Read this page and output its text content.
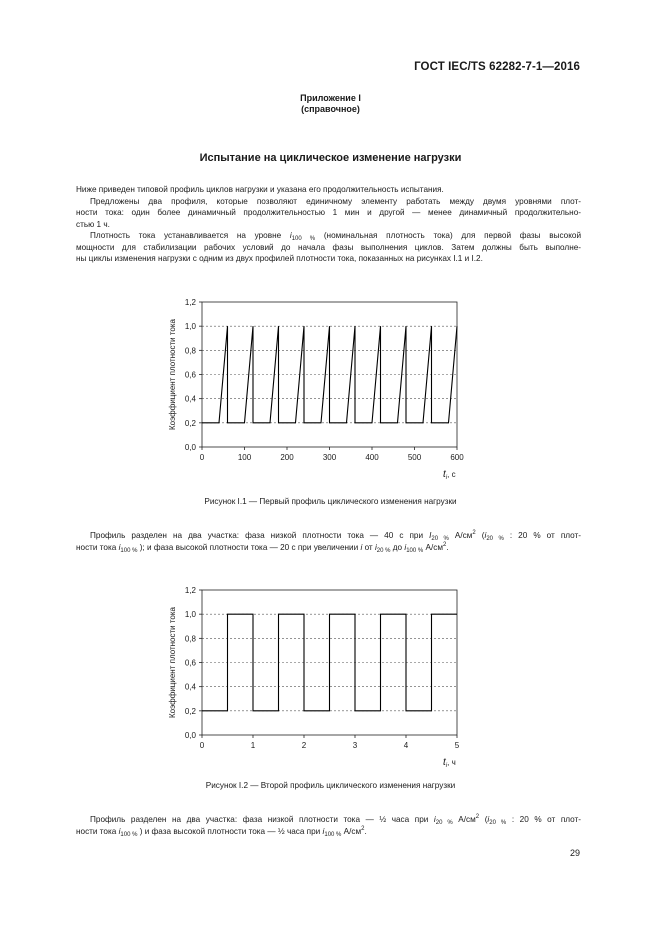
ГОСТ IEC/TS 62282-7-1—2016
Приложение I
(справочное)
Испытание на циклическое изменение нагрузки
Ниже приведен типовой профиль циклов нагрузки и указана его продолжительность испытания.
Предложены два профиля, которые позволяют единичному элементу работать между двумя уровнями плот-
ности тока: один более динамичный продолжительностью 1 мин и другой — менее динамичный продолжительно-
стью 1 ч.
Плотность тока устанавливается на уровне $i_{100 \%}$ (номинальная плотность тока) для первой фазы высокой
мощности для стабилизации рабочих условий до начала фазы выполнения циклов. Затем должны быть выполне-
ны циклы изменения нагрузки с одним из двух профилей плотности тока, показанных на рисунках I.1 и I.2.
0,0
0,2
0,4
0,6
0,8
1,0
1,2
0	100	200	300	400	500	600
Коэффициент плотности тока
$t_i$, с
Рисунок I.1 — Первый профиль циклического изменения нагрузки
Профиль разделен на два участка: фаза низкой плотности тока — 40 с при $I_{20 \%}$ $А/см^2$ ($i_{20 \%}$ : 20 % от плот-
ности тока $i_{100 \%}$ ); и фаза высокой плотности тока — 20 с при увеличении i от $i_{20 \%}$ до $i_{100 \%}$ $А/см^2$.
0,0
0,2
0,4
0,6
0,8
1,0
1,2
0	1	2	3	4	5
Коэффициент плотности тока
$t_i$, ч
Рисунок I.2 — Второй профиль циклического изменения нагрузки
Профиль разделен на два участка: фаза низкой плотности тока — ½ часа при $i_{20 \%}$ $А/см^2$ ($i_{20 \%}$ : 20 % от плот-
ности тока $i_{100 \%}$ ) и фаза высокой плотности тока — ½ часа при $i_{100 \%}$ $А/см^2$.
29
